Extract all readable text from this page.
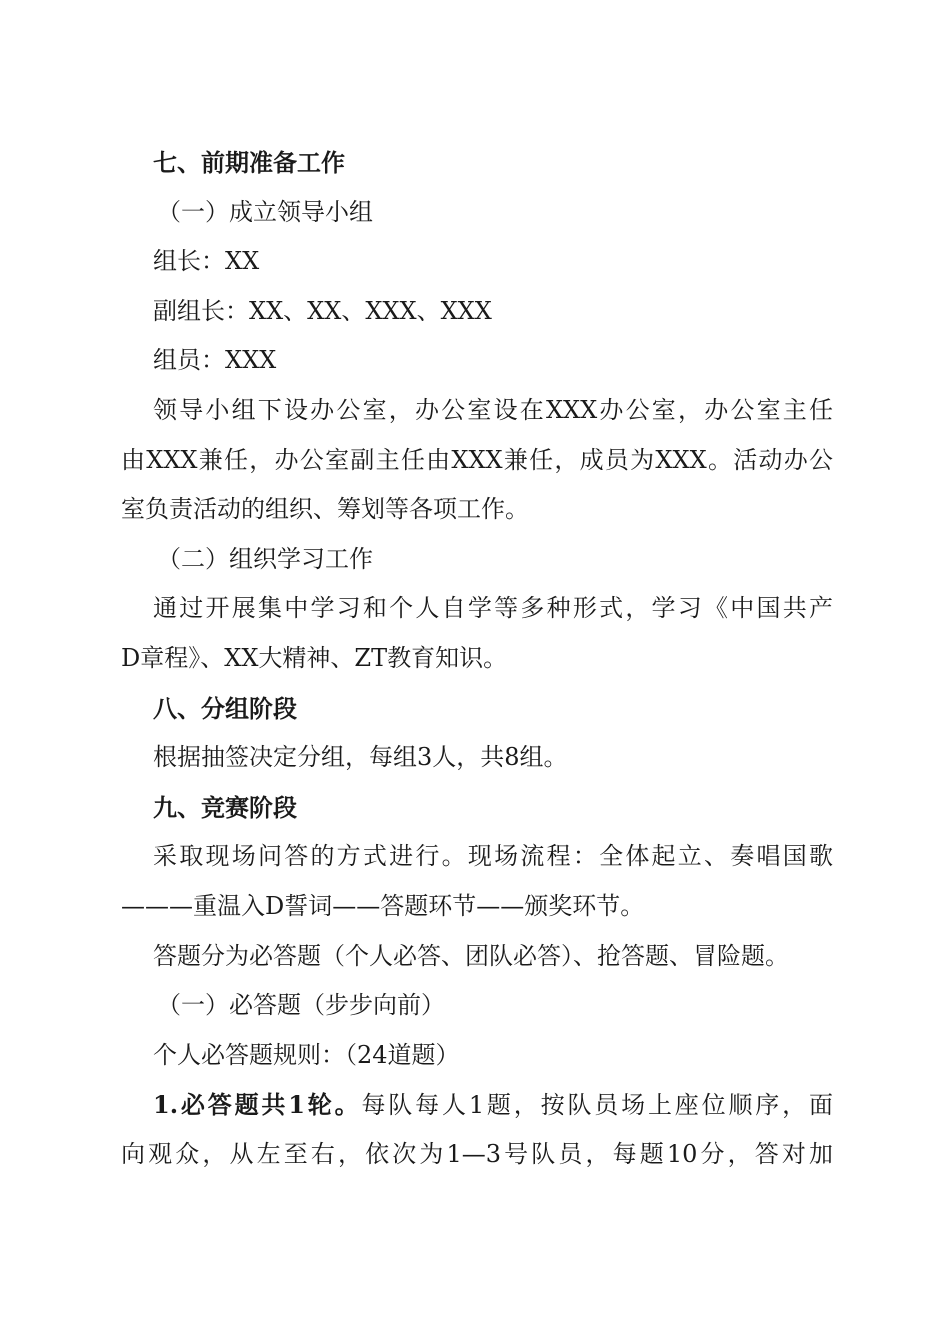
七、前期准备工作
（一）成立领导小组
组长：XX
副组长：XX、XX、XXX、XXX
组员：XXX
领导小组下设办公室，办公室设在XXX办公室，办公室主任
由XXX兼任，办公室副主任由XXX兼任，成员为XXX。活动办公
室负责活动的组织、筹划等各项工作。
（二）组织学习工作
通过开展集中学习和个人自学等多种形式，学习《中国共产
D章程》、XX大精神、ZT教育知识。
八、分组阶段
根据抽签决定分组，每组3人，共8组。
九、竞赛阶段
采取现场问答的方式进行。现场流程：全体起立、奏唱国歌
———重温入D誓词——答题环节——颁奖环节。
答题分为必答题（个人必答、团队必答）、抢答题、冒险题。
（一）必答题（步步向前）
个人必答题规则：（24道题）
1.必答题共1轮。每队每人1题，按队员场上座位顺序，面
向观众，从左至右，依次为1—3号队员，每题10分，答对加
